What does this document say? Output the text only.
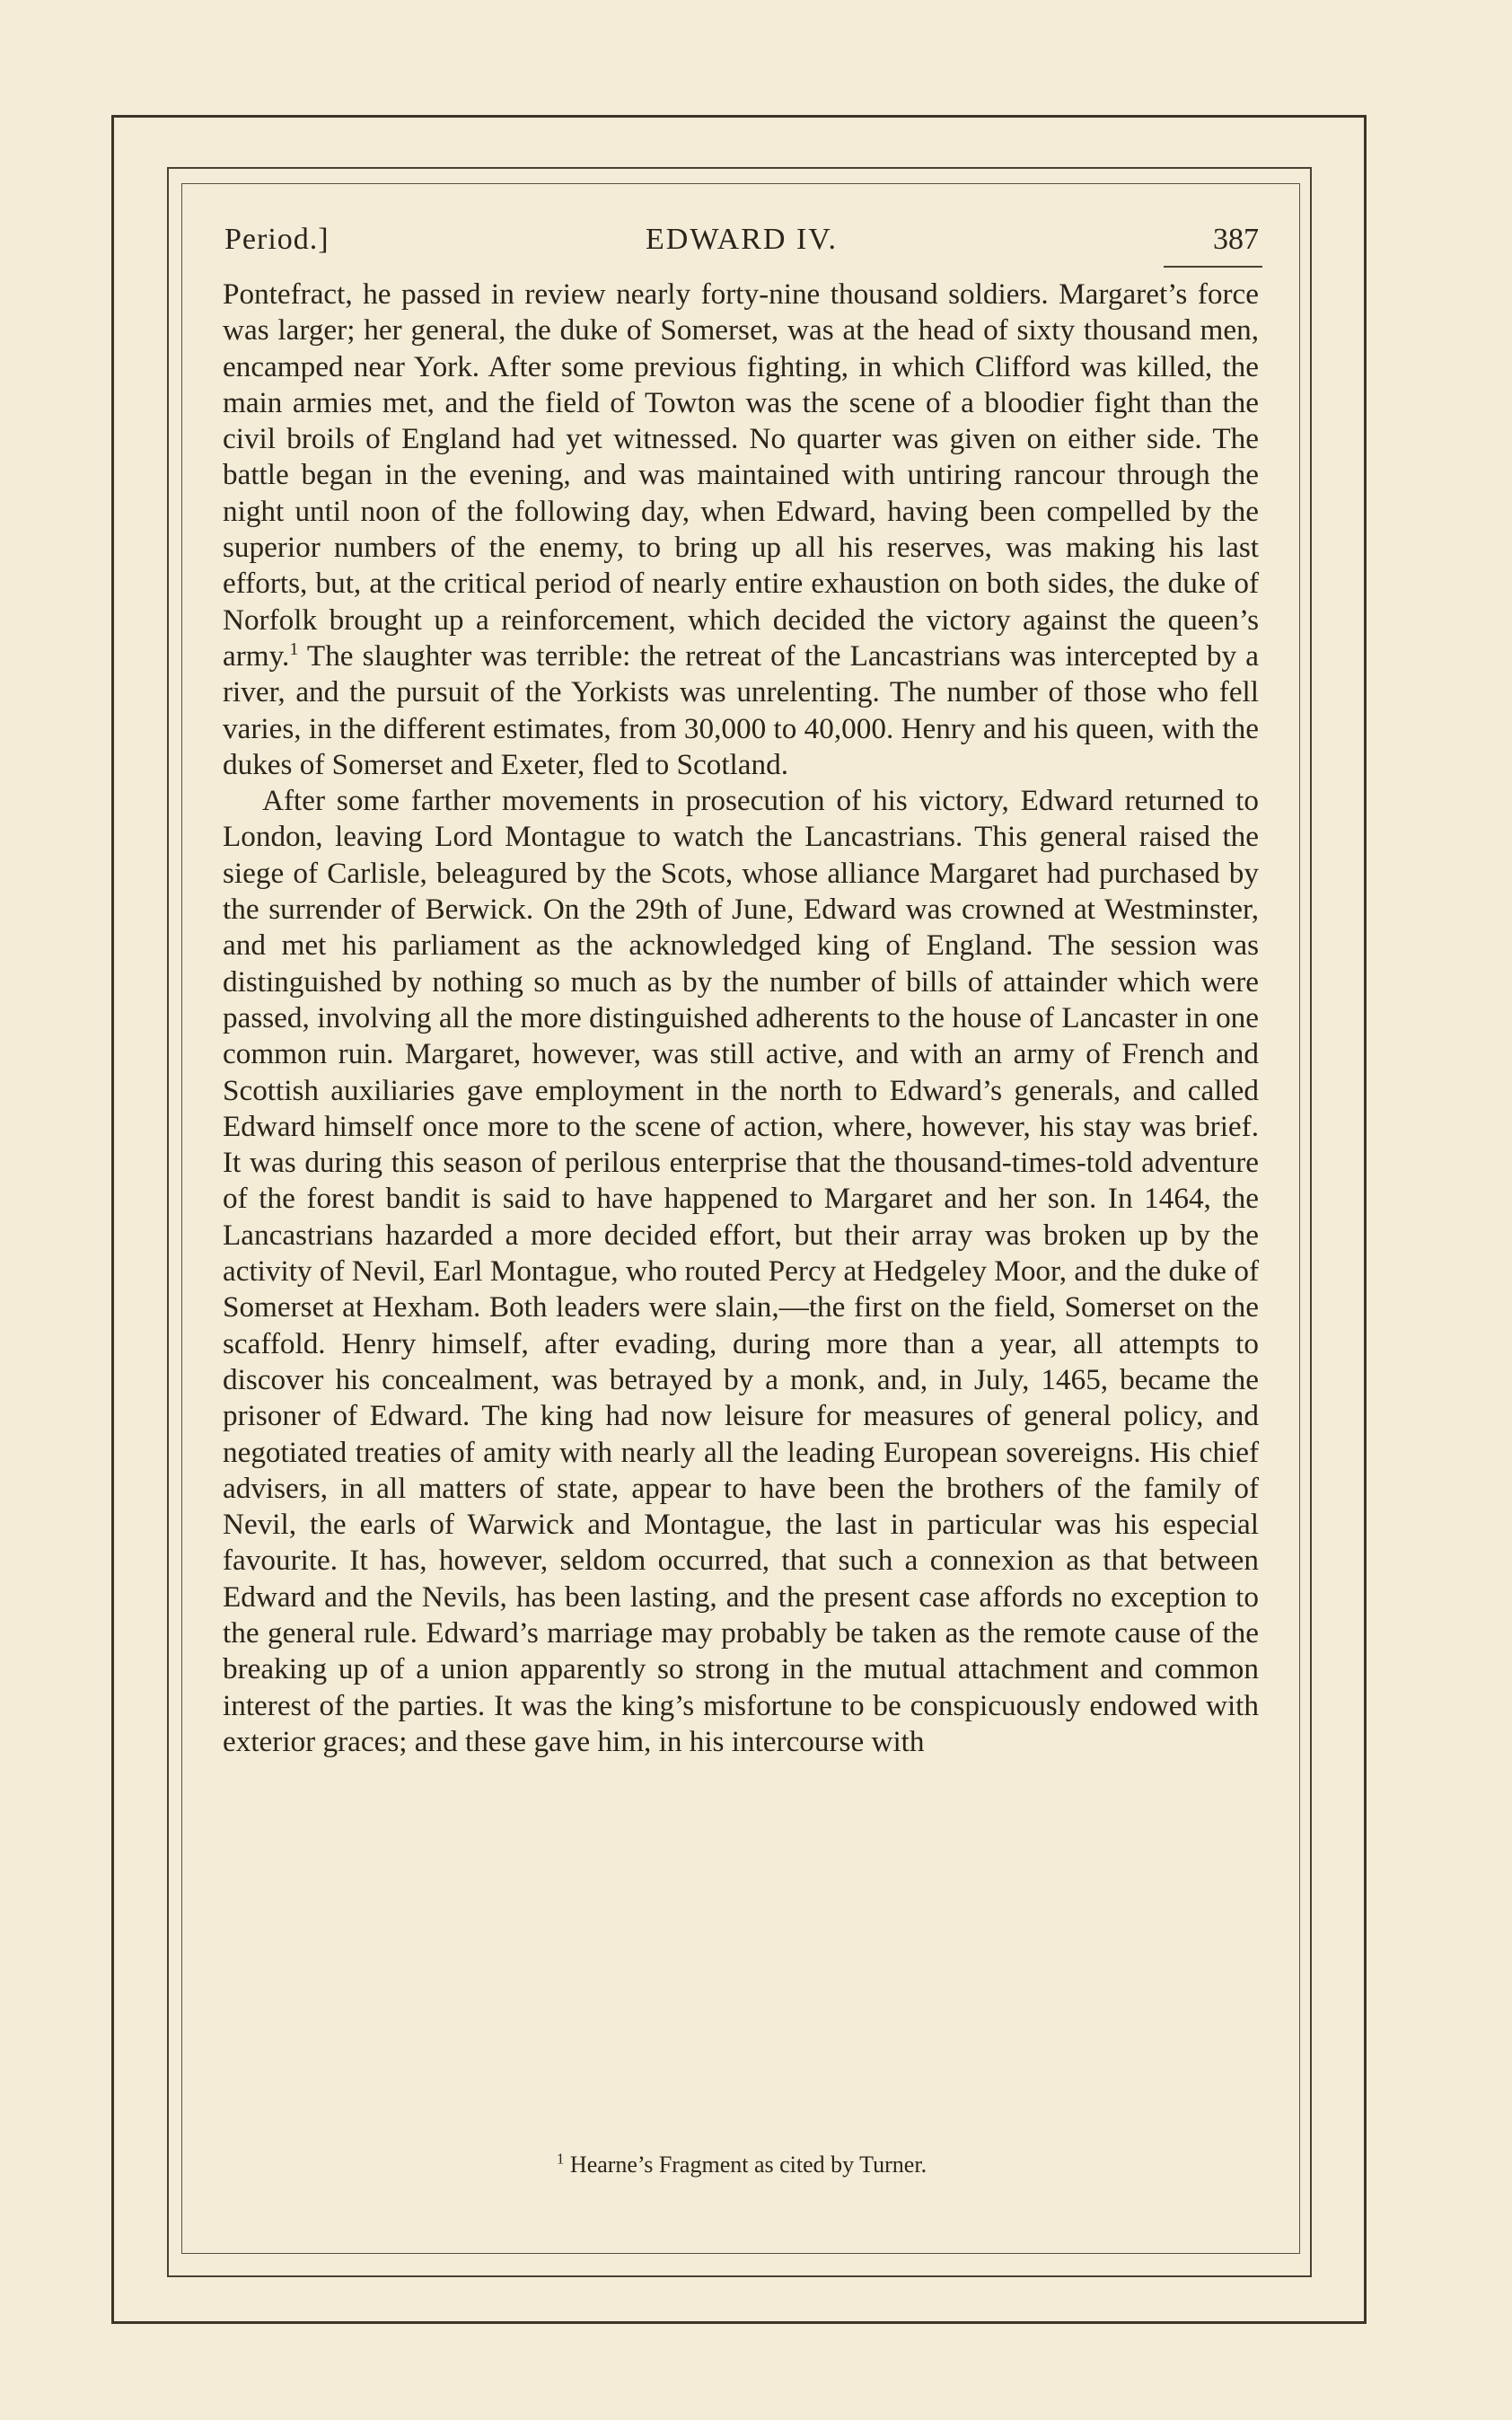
Period.]	EDWARD IV.	387

Pontefract, he passed in review nearly forty-nine thousand soldiers. Margaret’s force was larger; her general, the duke of Somerset, was at the head of sixty thousand men, encamped near York. After some previous fighting, in which Clifford was killed, the main armies met, and the field of Towton was the scene of a bloodier fight than the civil broils of England had yet witnessed. No quarter was given on either side. The battle began in the evening, and was maintained with untiring rancour through the night until noon of the following day, when Edward, having been compelled by the superior numbers of the enemy, to bring up all his reserves, was making his last efforts, but, at the critical period of nearly entire exhaustion on both sides, the duke of Norfolk brought up a reinforcement, which decided the victory against the queen’s army.$^1$ The slaughter was terrible: the retreat of the Lancastrians was intercepted by a river, and the pursuit of the Yorkists was unrelenting. The number of those who fell varies, in the different estimates, from 30,000 to 40,000. Henry and his queen, with the dukes of Somerset and Exeter, fled to Scotland.

After some farther movements in prosecution of his victory, Edward returned to London, leaving Lord Montague to watch the Lancastrians. This general raised the siege of Carlisle, beleagured by the Scots, whose alliance Margaret had purchased by the surrender of Berwick. On the 29th of June, Edward was crowned at Westminster, and met his parliament as the acknowledged king of England. The session was distinguished by nothing so much as by the number of bills of attainder which were passed, involving all the more distinguished adherents to the house of Lancaster in one common ruin. Margaret, however, was still active, and with an army of French and Scottish auxiliaries gave employment in the north to Edward’s generals, and called Edward himself once more to the scene of action, where, however, his stay was brief. It was during this season of perilous enterprise that the thousand-times-told adventure of the forest bandit is said to have happened to Margaret and her son. In 1464, the Lancastrians hazarded a more decided effort, but their array was broken up by the activity of Nevil, Earl Montague, who routed Percy at Hedgeley Moor, and the duke of Somerset at Hexham. Both leaders were slain,—the first on the field, Somerset on the scaffold. Henry himself, after evading, during more than a year, all attempts to discover his concealment, was betrayed by a monk, and, in July, 1465, became the prisoner of Edward. The king had now leisure for measures of general policy, and negotiated treaties of amity with nearly all the leading European sovereigns. His chief advisers, in all matters of state, appear to have been the brothers of the family of Nevil, the earls of Warwick and Montague, the last in particular was his especial favourite. It has, however, seldom occurred, that such a connexion as that between Edward and the Nevils, has been lasting, and the present case affords no exception to the general rule. Edward’s marriage may probably be taken as the remote cause of the breaking up of a union apparently so strong in the mutual attachment and common interest of the parties. It was the king’s misfortune to be conspicuously endowed with exterior graces; and these gave him, in his intercourse with

$^1$ Hearne’s Fragment as cited by Turner.
